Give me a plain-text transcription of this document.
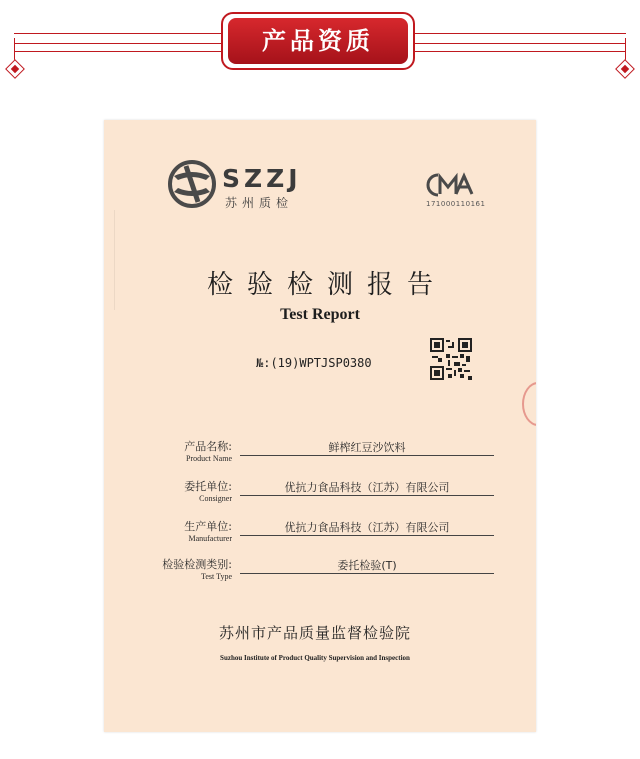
产品资质
SZZJ
苏州质检	171000110161
检验检测报告
Test Report
№:(19)WPTJSP0380
产品名称:
Product Name
鲜榨红豆沙饮料
委托单位:
Consigner
优抗力食品科技（江苏）有限公司
生产单位:
Manufacturer
优抗力食品科技（江苏）有限公司
检验检测类别:
Test Type
委托检验(T)
苏州市产品质量监督检验院
Suzhou Institute of Product Quality Supervision and Inspection
